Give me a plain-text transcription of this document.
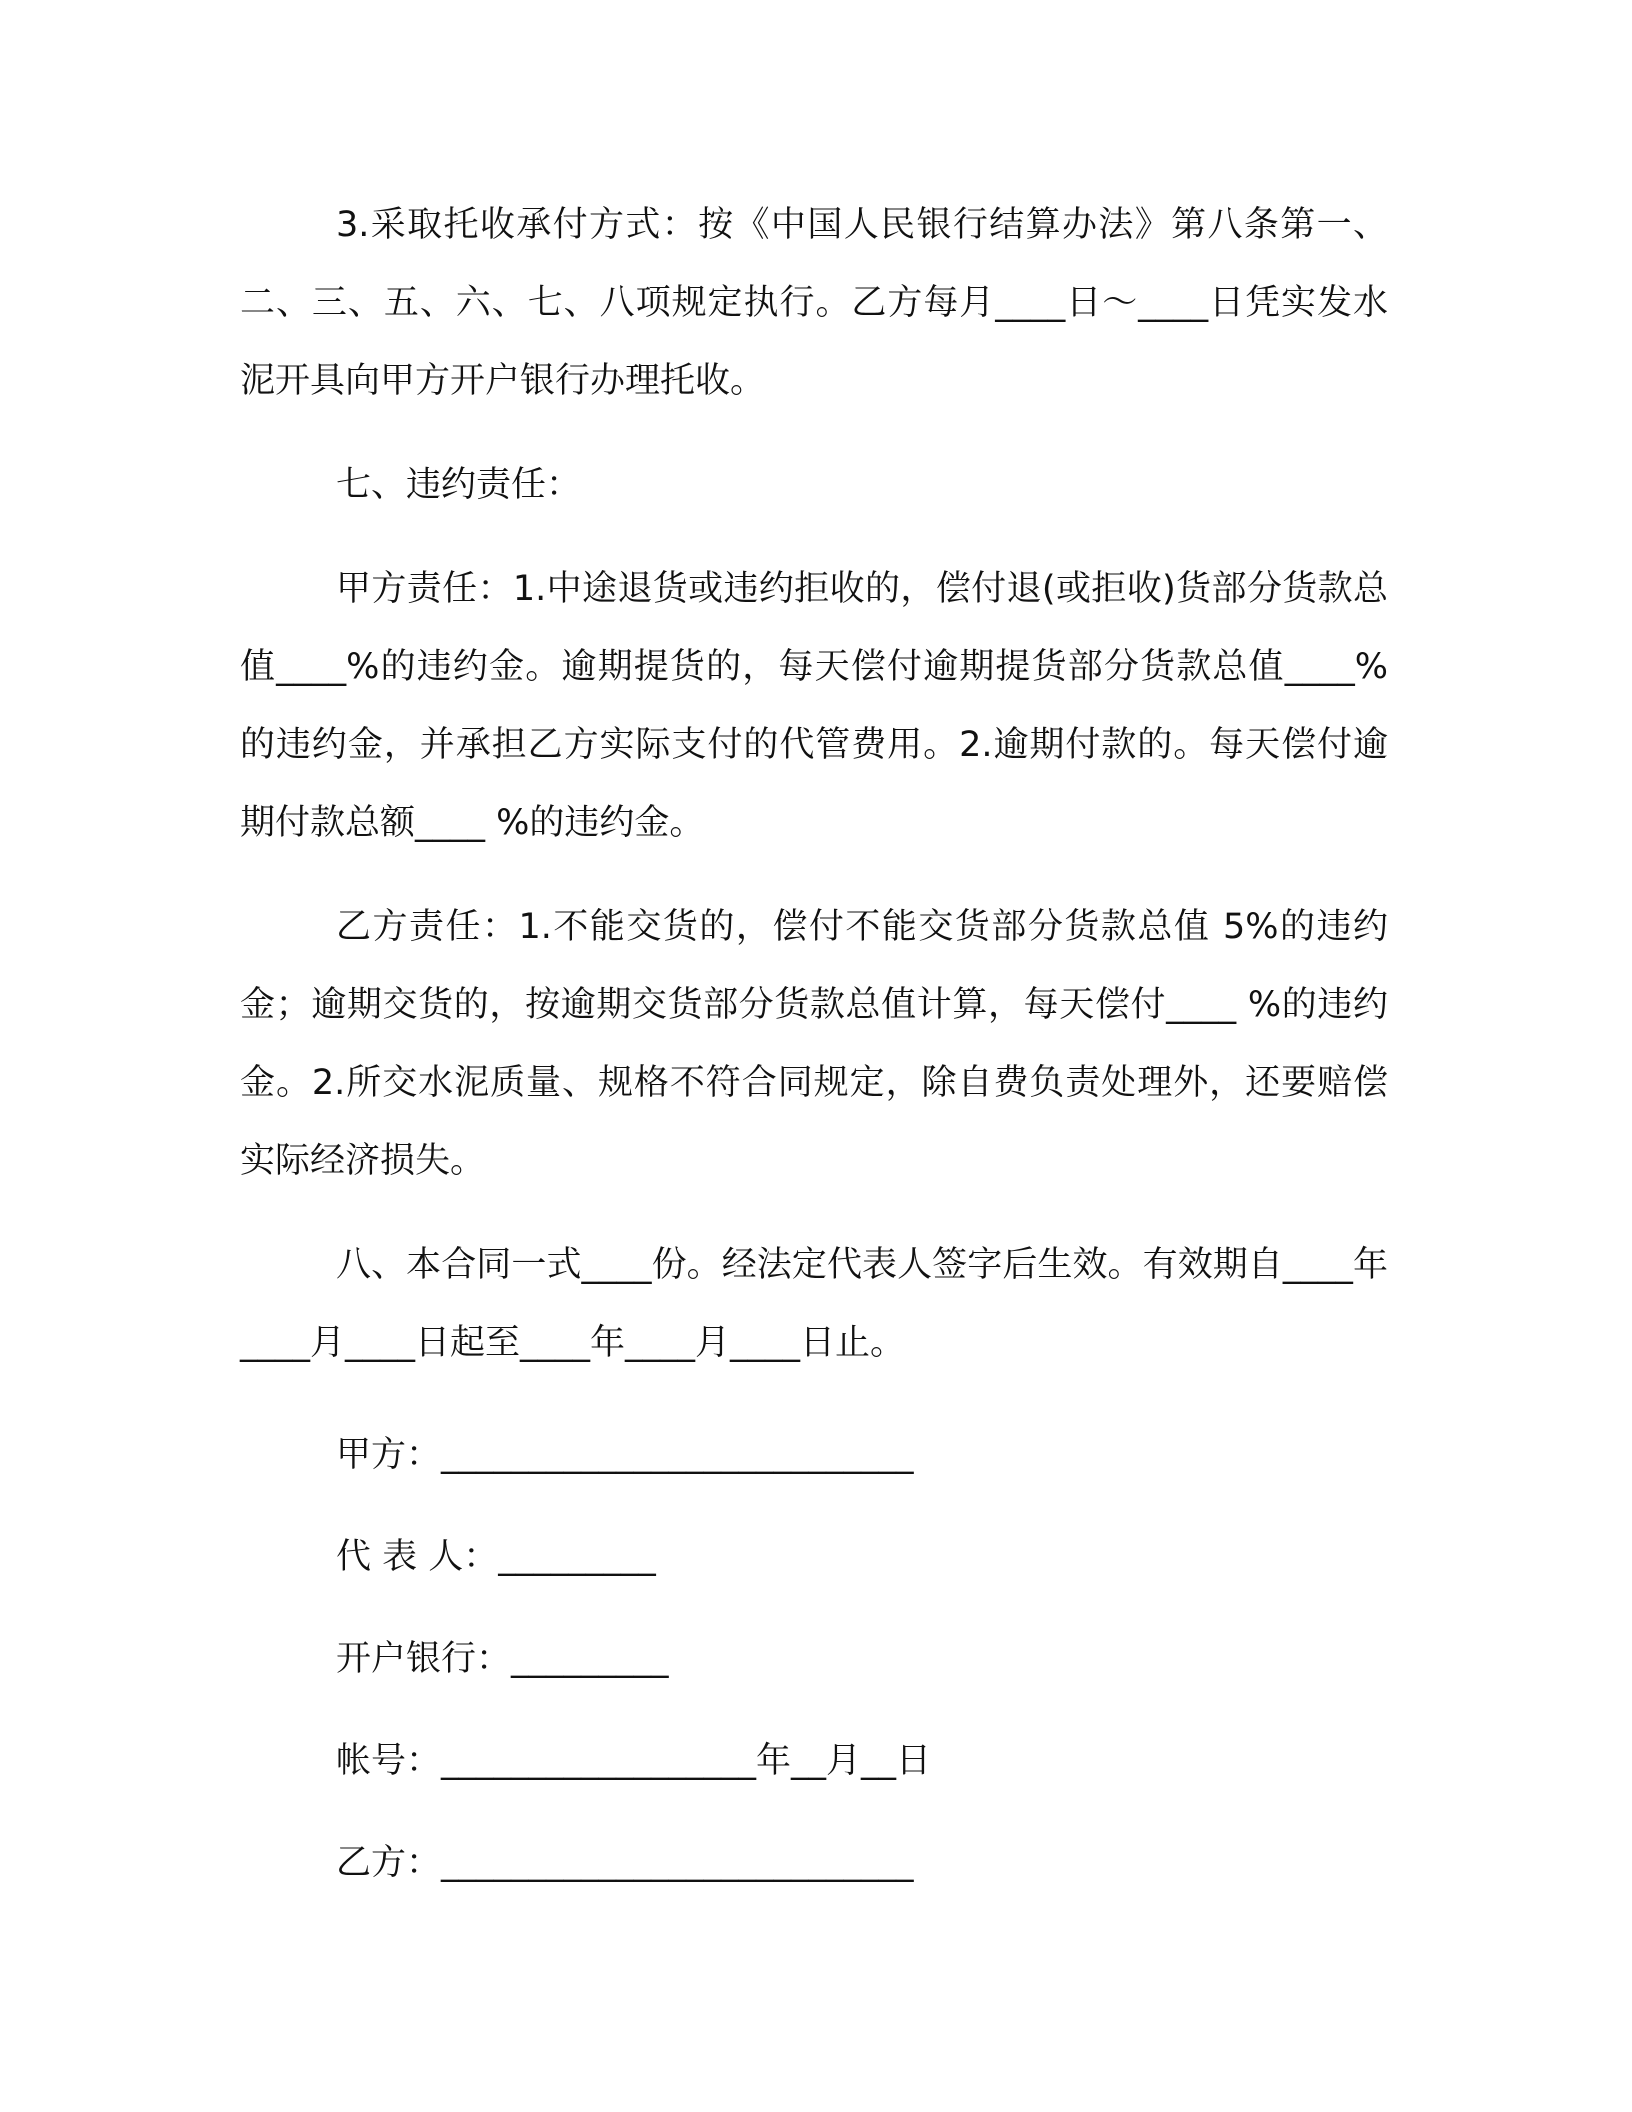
3.采取托收承付方式：按《中国人民银行结算办法》第八条第一、二、三、五、六、七、八项规定执行。乙方每月____日～____日凭实发水泥开具向甲方开户银行办理托收。

七、违约责任：

甲方责任：1.中途退货或违约拒收的，偿付退(或拒收)货部分货款总值____%的违约金。逾期提货的，每天偿付逾期提货部分货款总值____%的违约金，并承担乙方实际支付的代管费用。2.逾期付款的。每天偿付逾期付款总额____ %的违约金。

乙方责任：1.不能交货的，偿付不能交货部分货款总值 5%的违约金；逾期交货的，按逾期交货部分货款总值计算，每天偿付____ %的违约金。2.所交水泥质量、规格不符合同规定，除自费负责处理外，还要赔偿实际经济损失。

八、本合同一式____份。经法定代表人签字后生效。有效期自____年____月____日起至____年____月____日止。

甲方：___________________________

代 表 人：_________

开户银行：_________

帐号：__________________年__月__日

乙方：___________________________
